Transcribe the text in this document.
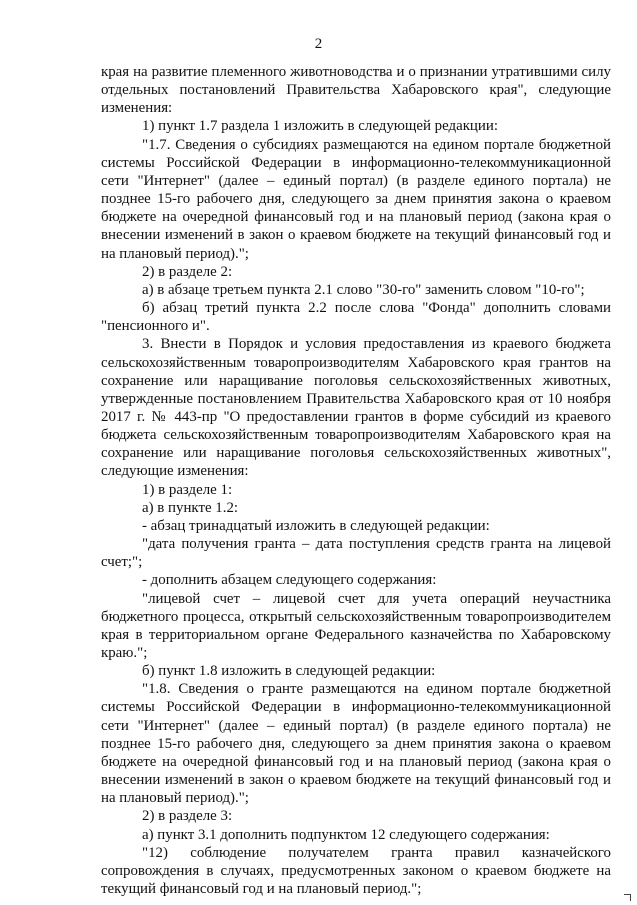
2

края на развитие племенного животноводства и о признании утратившими силу отдельных постановлений Правительства Хабаровского края", следующие изменения:

1) пункт 1.7 раздела 1 изложить в следующей редакции:

"1.7. Сведения о субсидиях размещаются на едином портале бюджетной системы Российской Федерации в информационно-телекоммуникационной сети "Интернет" (далее – единый портал) (в разделе единого портала) не позднее 15-го рабочего дня, следующего за днем принятия закона о краевом бюджете на очередной финансовый год и на плановый период (закона края о внесении изменений в закон о краевом бюджете на текущий финансовый год и на плановый период).";

2) в разделе 2:

а) в абзаце третьем пункта 2.1 слово "30-го" заменить словом "10-го";

б) абзац третий пункта 2.2 после слова "Фонда" дополнить словами "пенсионного и".

3. Внести в Порядок и условия предоставления из краевого бюджета сельскохозяйственным товаропроизводителям Хабаровского края грантов на сохранение или наращивание поголовья сельскохозяйственных животных, утвержденные постановлением Правительства Хабаровского края от 10 ноября 2017 г. № 443-пр "О предоставлении грантов в форме субсидий из краевого бюджета сельскохозяйственным товаропроизводителям Хабаровского края на сохранение или наращивание поголовья сельскохозяйственных животных", следующие изменения:

1) в разделе 1:

а) в пункте 1.2:

- абзац тринадцатый изложить в следующей редакции:

"дата получения гранта – дата поступления средств гранта на лицевой счет;";

- дополнить абзацем следующего содержания:

"лицевой счет – лицевой счет для учета операций неучастника бюджетного процесса, открытый сельскохозяйственным товаропроизводителем края в территориальном органе Федерального казначейства по Хабаровскому краю.";

б) пункт 1.8 изложить в следующей редакции:

"1.8. Сведения о гранте размещаются на едином портале бюджетной системы Российской Федерации в информационно-телекоммуникационной сети "Интернет" (далее – единый портал) (в разделе единого портала) не позднее 15-го рабочего дня, следующего за днем принятия закона о краевом бюджете на очередной финансовый год и на плановый период (закона края о внесении изменений в закон о краевом бюджете на текущий финансовый год и на плановый период).";

2) в разделе 3:

а) пункт 3.1 дополнить подпунктом 12 следующего содержания:

"12) соблюдение получателем гранта правил казначейского сопровождения в случаях, предусмотренных законом о краевом бюджете на текущий финансовый год и на плановый период.";
